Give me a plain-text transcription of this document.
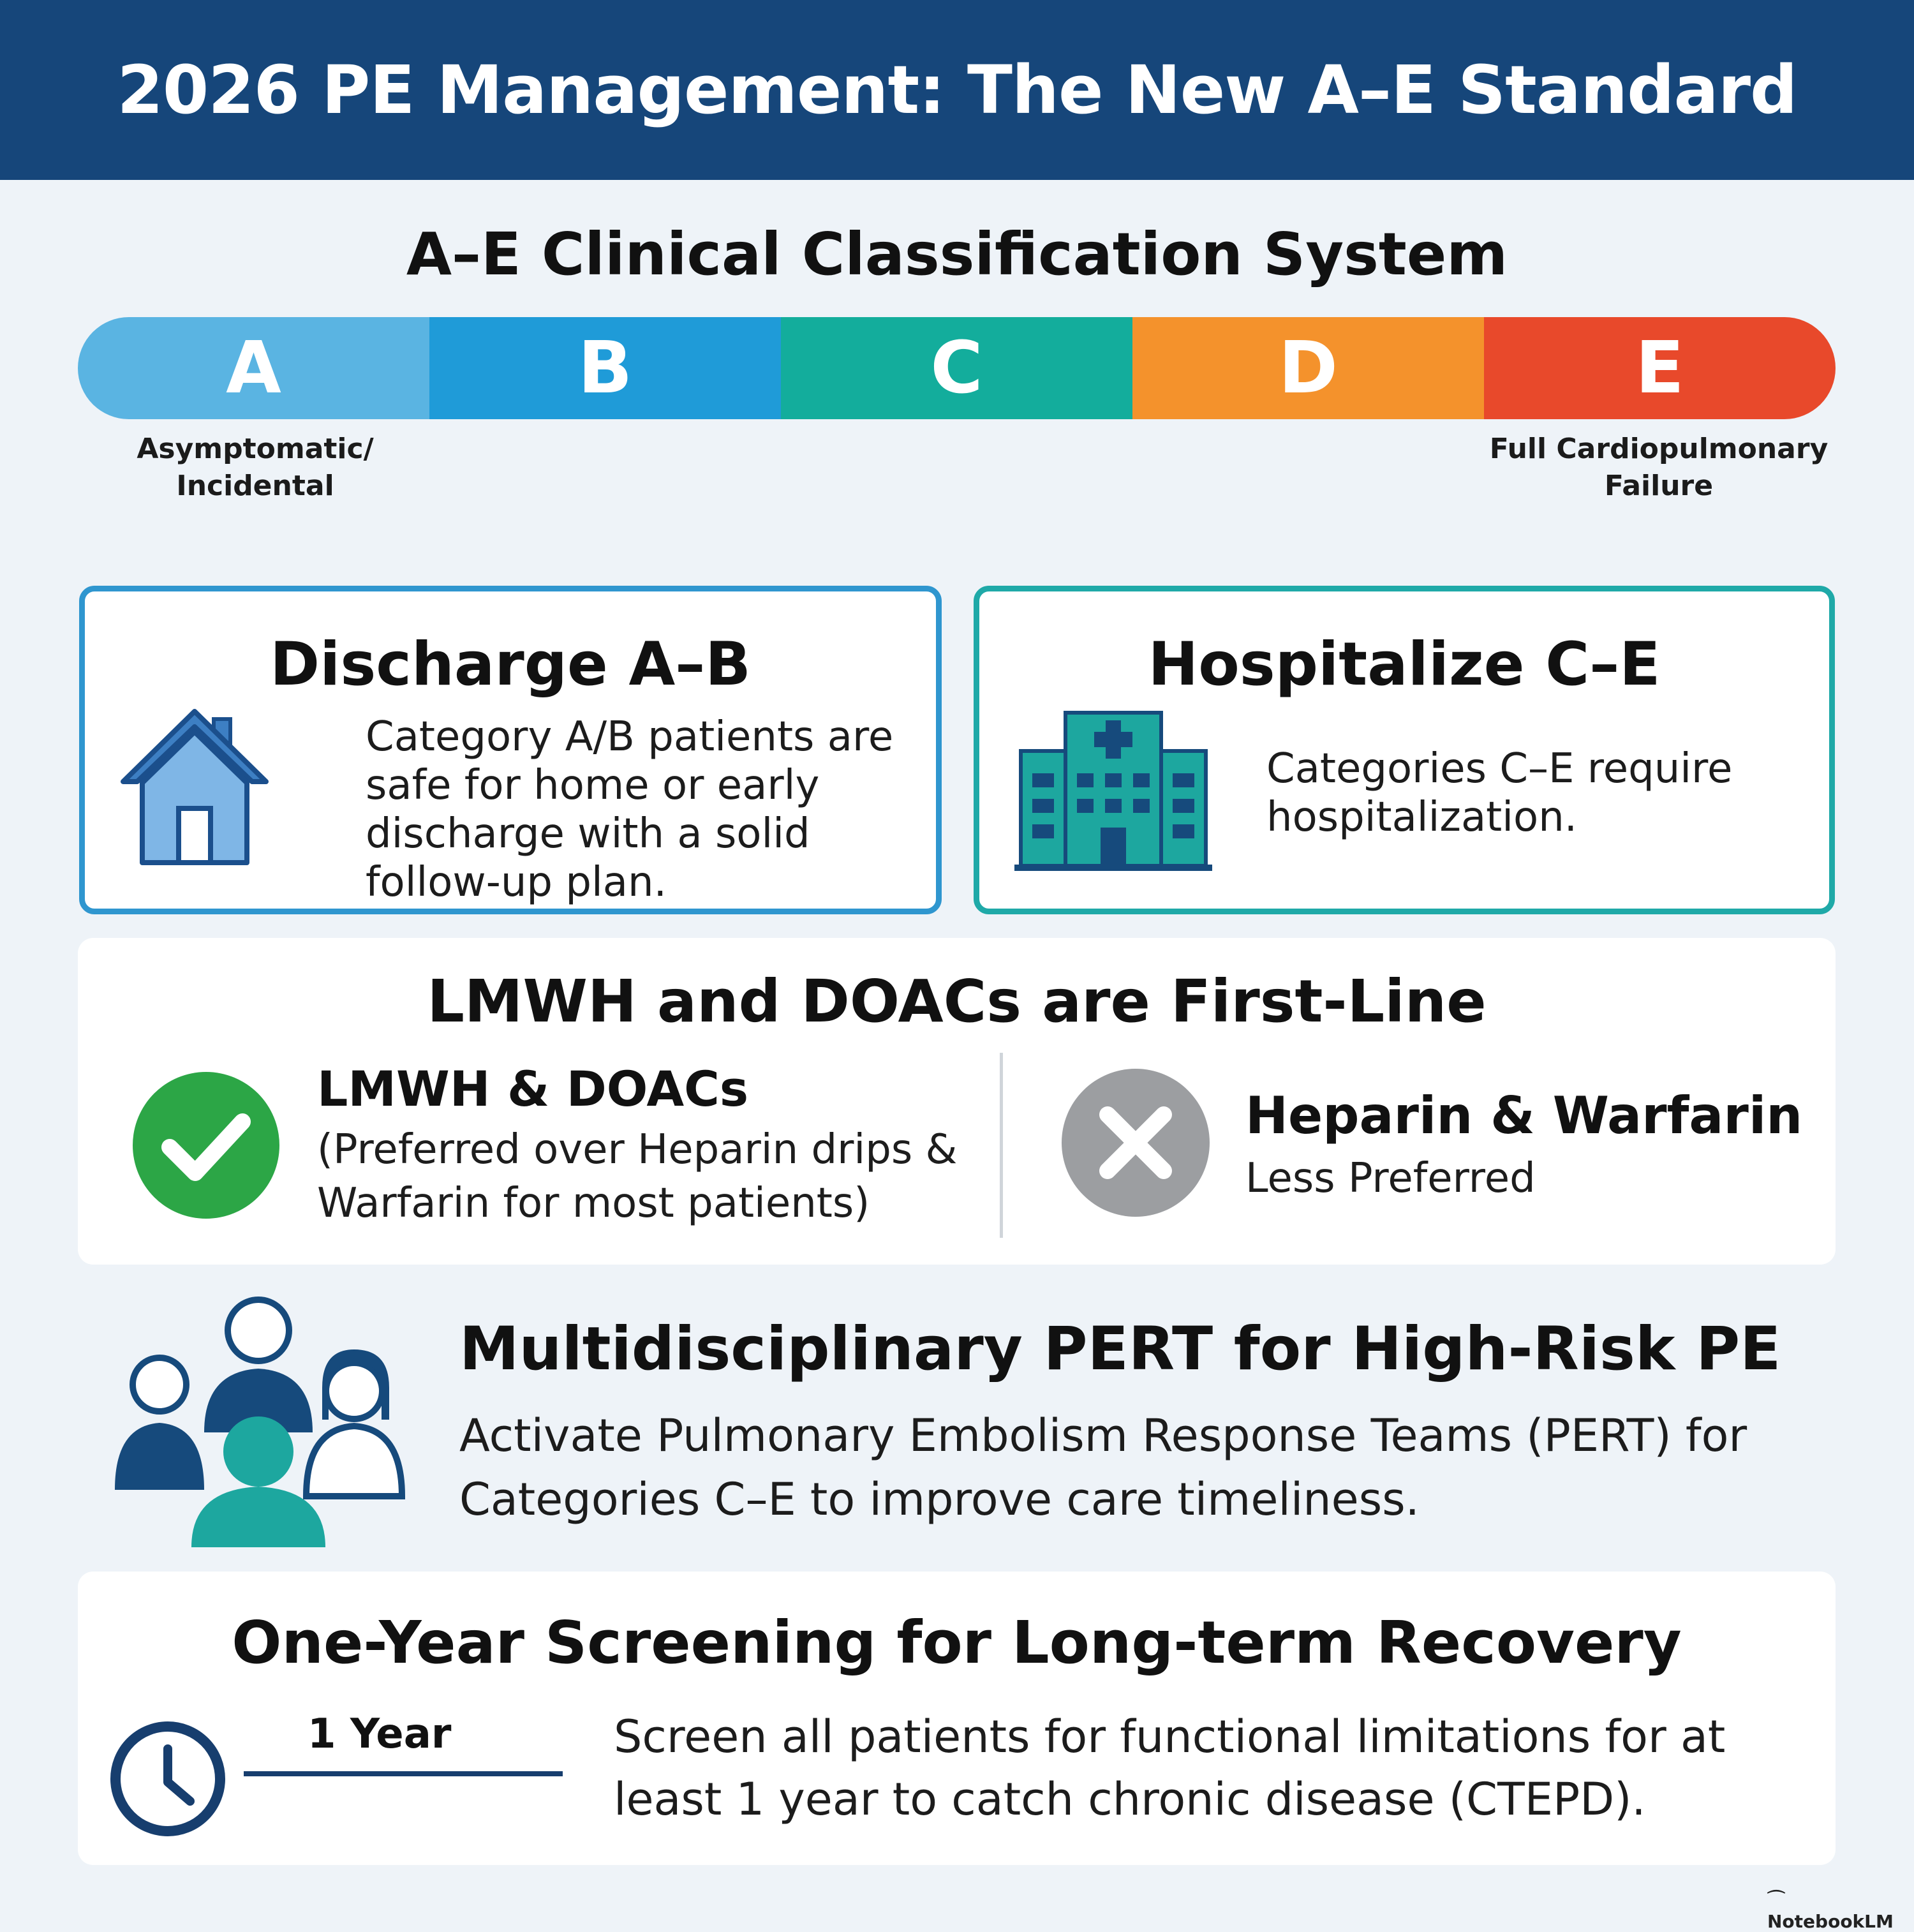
2026 PE Management: The New A–E Standard
A–E Clinical Classification System
A	B	C	D	E
Asymptomatic/
Incidental
Full Cardiopulmonary
Failure
Discharge A–B
Category A/B patients are safe for home or early discharge with a solid follow-up plan.
Hospitalize C–E
Categories C–E require hospitalization.
LMWH and DOACs are First-Line
LMWH & DOACs
(Preferred over Heparin drips & Warfarin for most patients)
Heparin & Warfarin
Less Preferred
Multidisciplinary PERT for High-Risk PE
Activate Pulmonary Embolism Response Teams (PERT) for Categories C–E to improve care timeliness.
One-Year Screening for Long-term Recovery
1 Year	Screen all patients for functional limitations for at least 1 year to catch chronic disease (CTEPD).
⌒NotebookLM
